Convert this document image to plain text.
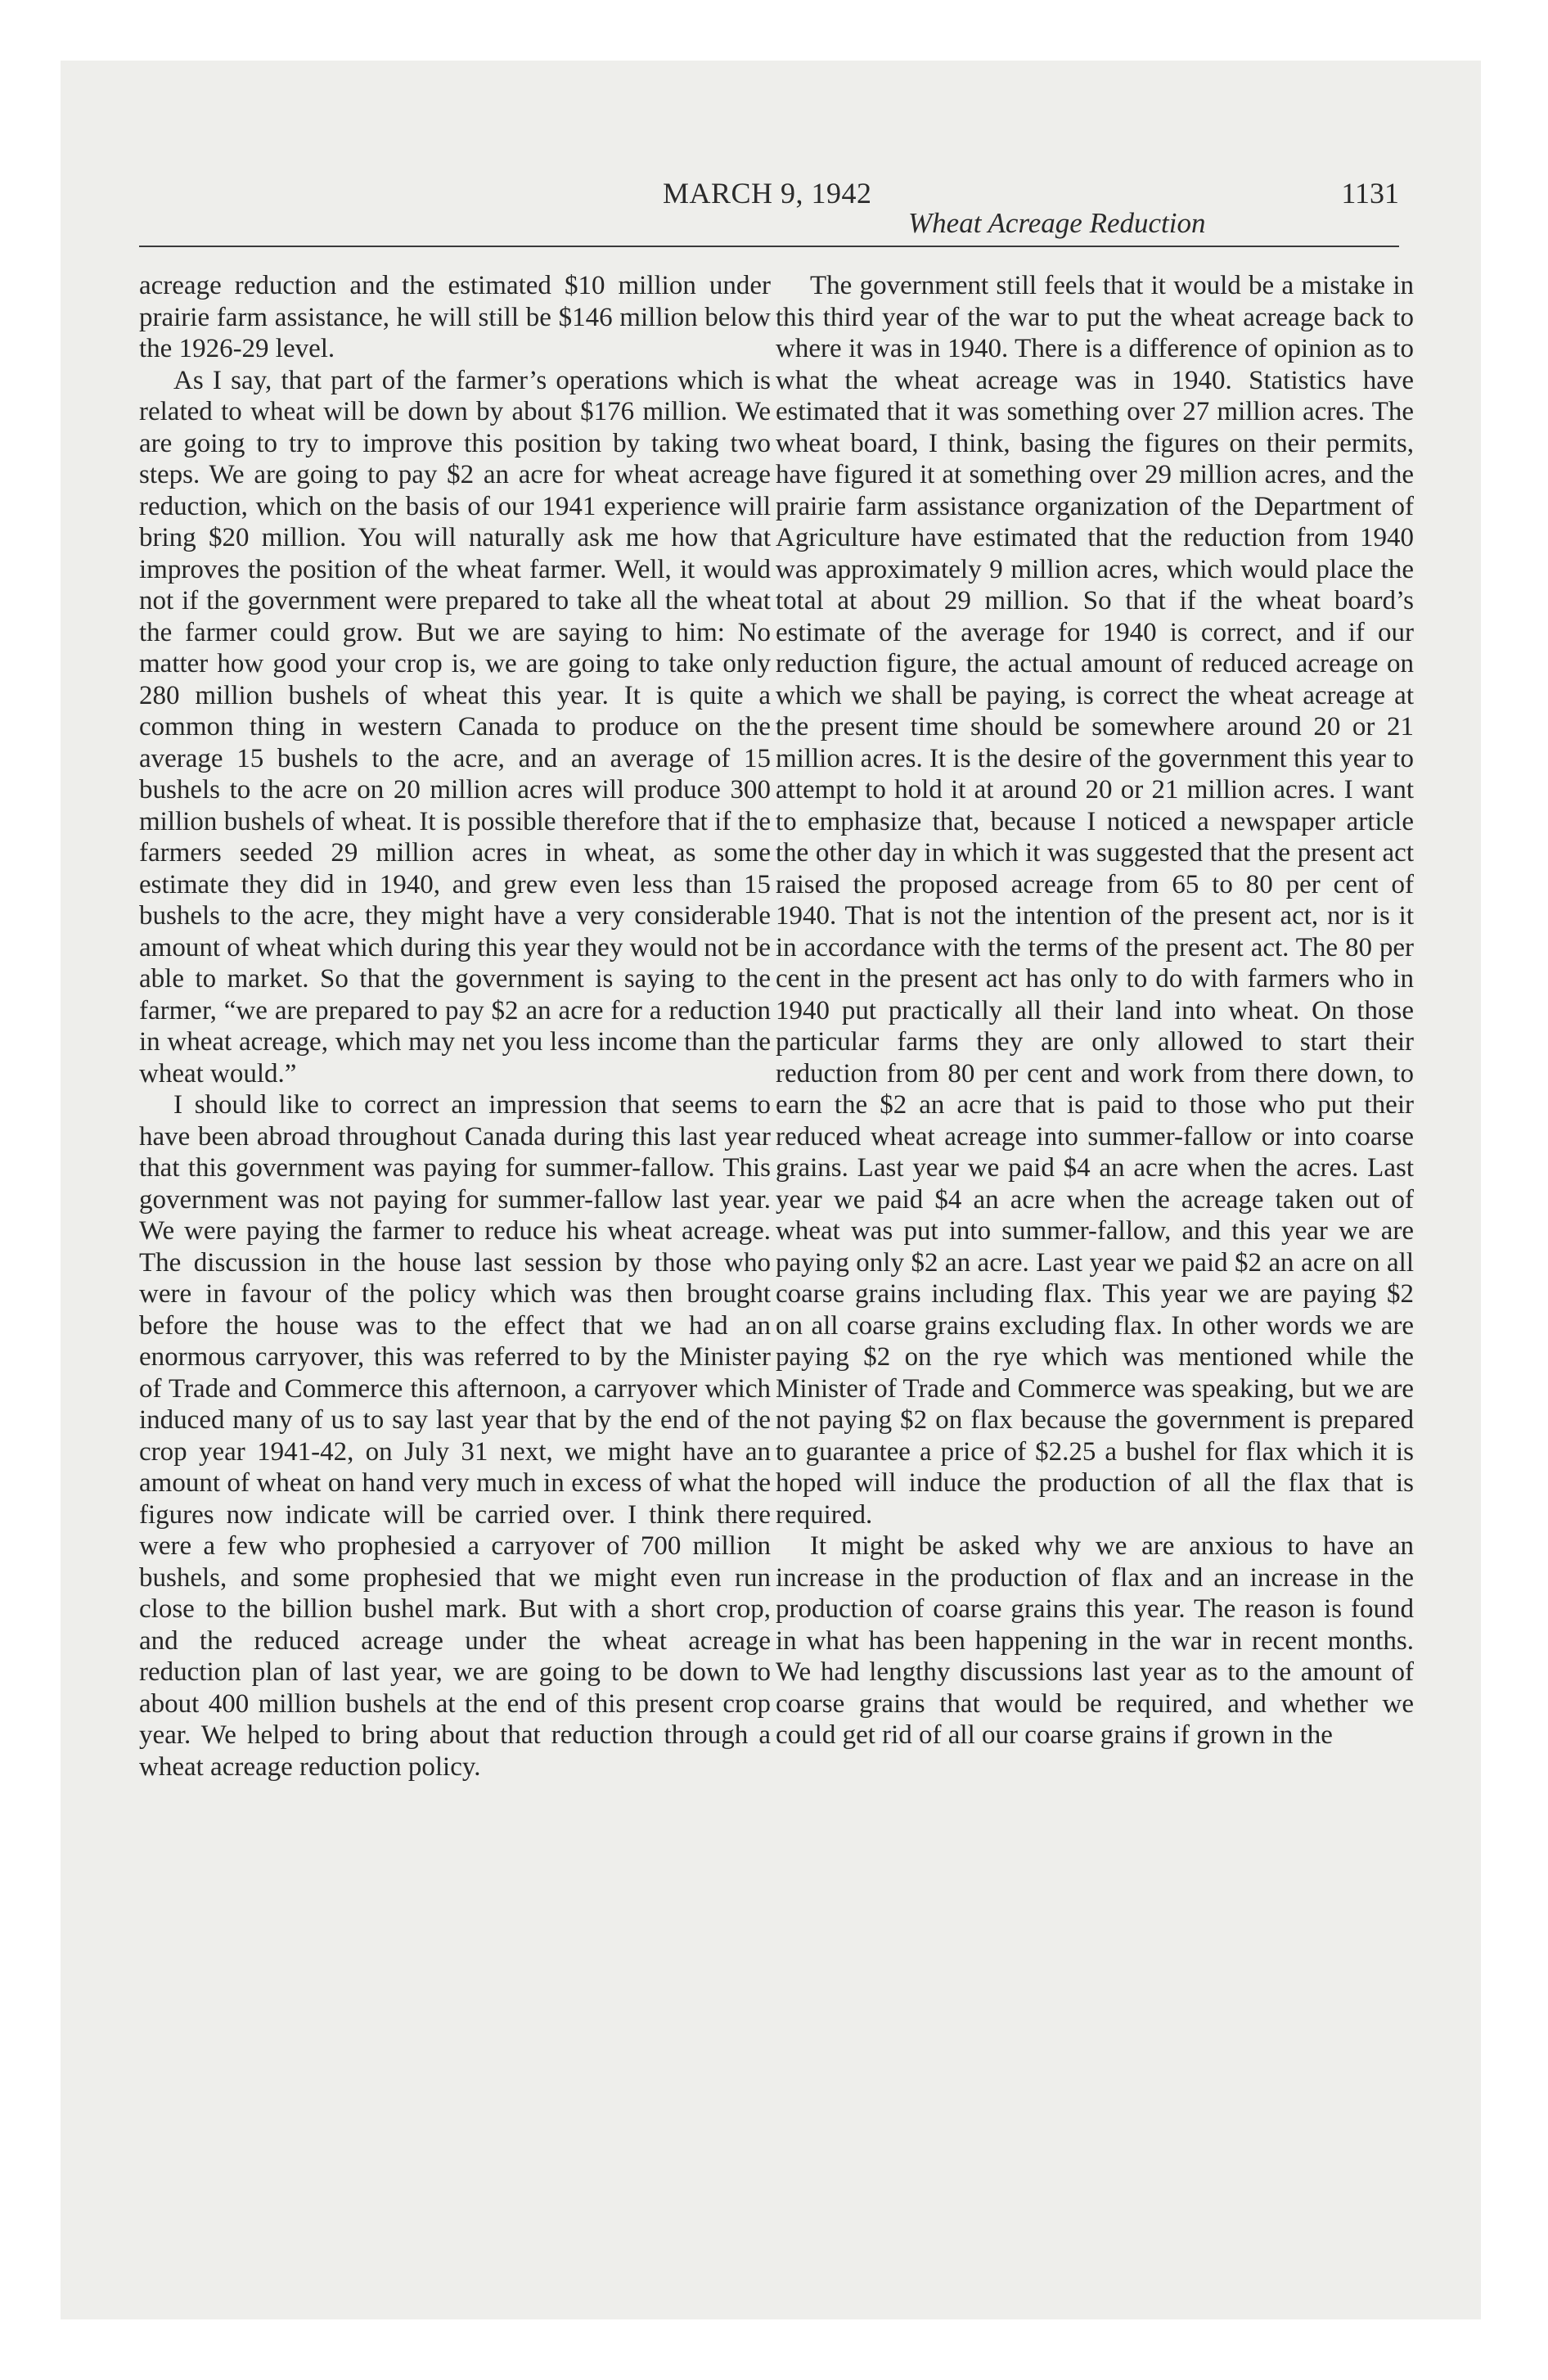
MARCH 9, 1942
Wheat Acreage Reduction
1131

acreage reduction and the estimated $10 million under prairie farm assistance, he will still be $146 million below the 1926-29 level.

As I say, that part of the farmer’s operations which is related to wheat will be down by about $176 million. We are going to try to improve this position by taking two steps. We are going to pay $2 an acre for wheat acreage reduction, which on the basis of our 1941 experience will bring $20 million. You will naturally ask me how that improves the position of the wheat farmer. Well, it would not if the government were prepared to take all the wheat the farmer could grow. But we are saying to him: No matter how good your crop is, we are going to take only 280 million bushels of wheat this year. It is quite a common thing in western Canada to produce on the average 15 bushels to the acre, and an average of 15 bushels to the acre on 20 million acres will produce 300 million bushels of wheat. It is possible therefore that if the farmers seeded 29 million acres in wheat, as some estimate they did in 1940, and grew even less than 15 bushels to the acre, they might have a very considerable amount of wheat which during this year they would not be able to market. So that the government is saying to the farmer, “we are prepared to pay $2 an acre for a reduction in wheat acreage, which may net you less income than the wheat would.”

I should like to correct an impression that seems to have been abroad throughout Canada during this last year that this government was paying for summer-fallow. This government was not paying for summer-fallow last year. We were paying the farmer to reduce his wheat acreage. The discussion in the house last session by those who were in favour of the policy which was then brought before the house was to the effect that we had an enormous carryover, this was referred to by the Minister of Trade and Commerce this afternoon, a carryover which induced many of us to say last year that by the end of the crop year 1941-42, on July 31 next, we might have an amount of wheat on hand very much in excess of what the figures now indicate will be carried over. I think there were a few who prophesied a carryover of 700 million bushels, and some prophesied that we might even run close to the billion bushel mark. But with a short crop, and the reduced acreage under the wheat acreage reduction plan of last year, we are going to be down to about 400 million bushels at the end of this present crop year. We helped to bring about that reduction through a wheat acreage reduction policy.

The government still feels that it would be a mistake in this third year of the war to put the wheat acreage back to where it was in 1940. There is a difference of opinion as to what the wheat acreage was in 1940. Statistics have estimated that it was something over 27 million acres. The wheat board, I think, basing the figures on their permits, have figured it at something over 29 million acres, and the prairie farm assistance organization of the Department of Agriculture have estimated that the reduction from 1940 was approximately 9 million acres, which would place the total at about 29 million. So that if the wheat board’s estimate of the average for 1940 is correct, and if our reduction figure, the actual amount of reduced acreage on which we shall be paying, is correct the wheat acreage at the present time should be somewhere around 20 or 21 million acres. It is the desire of the government this year to attempt to hold it at around 20 or 21 million acres. I want to emphasize that, because I noticed a newspaper article the other day in which it was suggested that the present act raised the proposed acreage from 65 to 80 per cent of 1940. That is not the intention of the present act, nor is it in accordance with the terms of the present act. The 80 per cent in the present act has only to do with farmers who in 1940 put practically all their land into wheat. On those particular farms they are only allowed to start their reduction from 80 per cent and work from there down, to earn the $2 an acre that is paid to those who put their reduced wheat acreage into summer-fallow or into coarse grains. Last year we paid $4 an acre when the acres. Last year we paid $4 an acre when the acreage taken out of wheat was put into summer-fallow, and this year we are paying only $2 an acre. Last year we paid $2 an acre on all coarse grains including flax. This year we are paying $2 on all coarse grains excluding flax. In other words we are paying $2 on the rye which was mentioned while the Minister of Trade and Commerce was speaking, but we are not paying $2 on flax because the government is prepared to guarantee a price of $2.25 a bushel for flax which it is hoped will induce the production of all the flax that is required.

It might be asked why we are anxious to have an increase in the production of flax and an increase in the production of coarse grains this year. The reason is found in what has been happening in the war in recent months. We had lengthy discussions last year as to the amount of coarse grains that would be required, and whether we could get rid of all our coarse grains if grown in the
